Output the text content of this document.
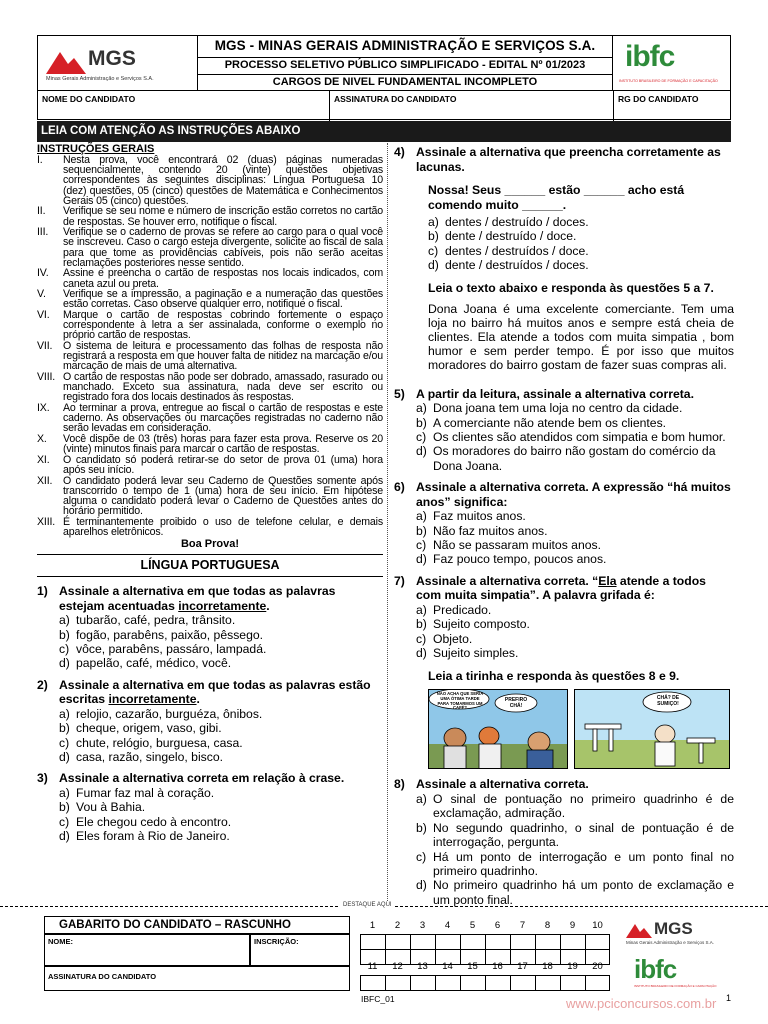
MGS
Minas Gerais Administração e Serviços S.A.
MGS - MINAS GERAIS ADMINISTRAÇÃO E SERVIÇOS S.A.
PROCESSO SELETIVO PÚBLICO SIMPLIFICADO - EDITAL Nº 01/2023
CARGOS DE NIVEL FUNDAMENTAL INCOMPLETO
ibfc
INSTITUTO BRASILEIRO DE FORMAÇÃO E CAPACITAÇÃO
NOME DO CANDIDATO	ASSINATURA DO CANDIDATO	RG DO CANDIDATO
LEIA COM ATENÇÃO AS INSTRUÇÕES ABAIXO
INSTRUÇÕES GERAIS
I. Nesta prova, você encontrará 02 (duas) páginas numeradas sequencialmente, contendo 20 (vinte) questões objetivas correspondentes às seguintes disciplinas: Língua Portuguesa 10 (dez) questões, 05 (cinco) questões de Matemática e Conhecimentos Gerais 05 (cinco) questões.
II. Verifique se seu nome e número de inscrição estão corretos no cartão de respostas. Se houver erro, notifique o fiscal.
III. Verifique se o caderno de provas se refere ao cargo para o qual você se inscreveu. Caso o cargo esteja divergente, solicite ao fiscal de sala para que tome as providências cabíveis, pois não serão aceitas reclamações posteriores nesse sentido.
IV. Assine e preencha o cartão de respostas nos locais indicados, com caneta azul ou preta.
V. Verifique se a impressão, a paginação e a numeração das questões estão corretas. Caso observe qualquer erro, notifique o fiscal.
VI. Marque o cartão de respostas cobrindo fortemente o espaço correspondente à letra a ser assinalada, conforme o exemplo no próprio cartão de respostas.
VII. O sistema de leitura e processamento das folhas de resposta não registrará a resposta em que houver falta de nitidez na marcação e/ou marcação de mais de uma alternativa.
VIII. O cartão de respostas não pode ser dobrado, amassado, rasurado ou manchado. Exceto sua assinatura, nada deve ser escrito ou registrado fora dos locais destinados às respostas.
IX. Ao terminar a prova, entregue ao fiscal o cartão de respostas e este caderno. As observações ou marcações registradas no caderno não serão levadas em consideração.
X. Você dispõe de 03 (três) horas para fazer esta prova. Reserve os 20 (vinte) minutos finais para marcar o cartão de respostas.
XI. O candidato só poderá retirar-se do setor de prova 01 (uma) hora após seu início.
XII. O candidato poderá levar seu Caderno de Questões somente após transcorrido o tempo de 1 (uma) hora de seu início. Em hipótese alguma o candidato poderá levar o Caderno de Questões antes do horário permitido.
XIII. É terminantemente proibido o uso de telefone celular, e demais aparelhos eletrônicos.
Boa Prova!
LÍNGUA PORTUGUESA
1) Assinale a alternativa em que todas as palavras estejam acentuadas incorretamente.
a) tubarão, café, pedra, trânsito.
b) fogão, parabêns, paixão, pêssego.
c) vôce, parabêns, passáro, lampadá.
d) papelão, café, médico, você.
2) Assinale a alternativa em que todas as palavras estão escritas incorretamente.
a) relojio, cazarão, burguéza, ônibos.
b) cheque, origem, vaso, gibi.
c) chute, relógio, burguesa, casa.
d) casa, razão, singelo, bisco.
3) Assinale a alternativa correta em relação à crase.
a) Fumar faz mal à coração.
b) Vou à Bahia.
c) Ele chegou cedo à encontro.
d) Eles foram à Rio de Janeiro.
4) Assinale a alternativa que preencha corretamente as lacunas.
Nossa! Seus ______ estão ______ acho está comendo muito ______.
a) dentes / destruído / doces.
b) dente / destruído / doce.
c) dentes / destruídos / doce.
d) dente / destruídos / doces.
Leia o texto abaixo e responda às questões 5 a 7.
Dona Joana é uma excelente comerciante. Tem uma loja no bairro há muitos anos e sempre está cheia de clientes. Ela atende a todos com muita simpatia , bom humor e sem perder tempo. É por isso que muitos moradores do bairro gostam de fazer suas compras ali.
5) A partir da leitura, assinale a alternativa correta.
a) Dona joana tem uma loja no centro da cidade.
b) A comerciante não atende bem os clientes.
c) Os clientes são atendidos com simpatia e bom humor.
d) Os moradores do bairro não gostam do comércio da Dona Joana.
6) Assinale a alternativa correta. A expressão “há muitos anos” significa:
a) Faz muitos anos.
b) Não faz muitos anos.
c) Não se passaram muitos anos.
d) Faz pouco tempo, poucos anos.
7) Assinale a alternativa correta. “Ela atende a todos com muita simpatia”. A palavra grifada é:
a) Predicado.
b) Sujeito composto.
c) Objeto.
d) Sujeito simples.
Leia a tirinha e responda às questões 8 e 9.
NÃO ACHA QUE SERIA UMA ÓTIMA TARDE PARA TOMARMOS UM CAFÉ?
PREFIRO CHÁ!
CHÁ? DE SUMIÇO!
8) Assinale a alternativa correta.
a) O sinal de pontuação no primeiro quadrinho é de exclamação, admiração.
b) No segundo quadrinho, o sinal de pontuação é de interrogação, pergunta.
c) Há um ponto de interrogação e um ponto final no primeiro quadrinho.
d) No primeiro quadrinho há um ponto de exclamação e um ponto final.
DESTAQUE AQUI
GABARITO DO CANDIDATO – RASCUNHO
NOME:	INSCRIÇÃO:
ASSINATURA DO CANDIDATO
1	2	3	4	5	6	7	8	9	10
11	12	13	14	15	16	17	18	19	20
MGS
Minas Gerais Administração e Serviços S.A.
ibfc
INSTITUTO BRASILEIRO DE FORMAÇÃO E CAPACITAÇÃO
IBFC_01	www.pciconcursos.com.br 1
